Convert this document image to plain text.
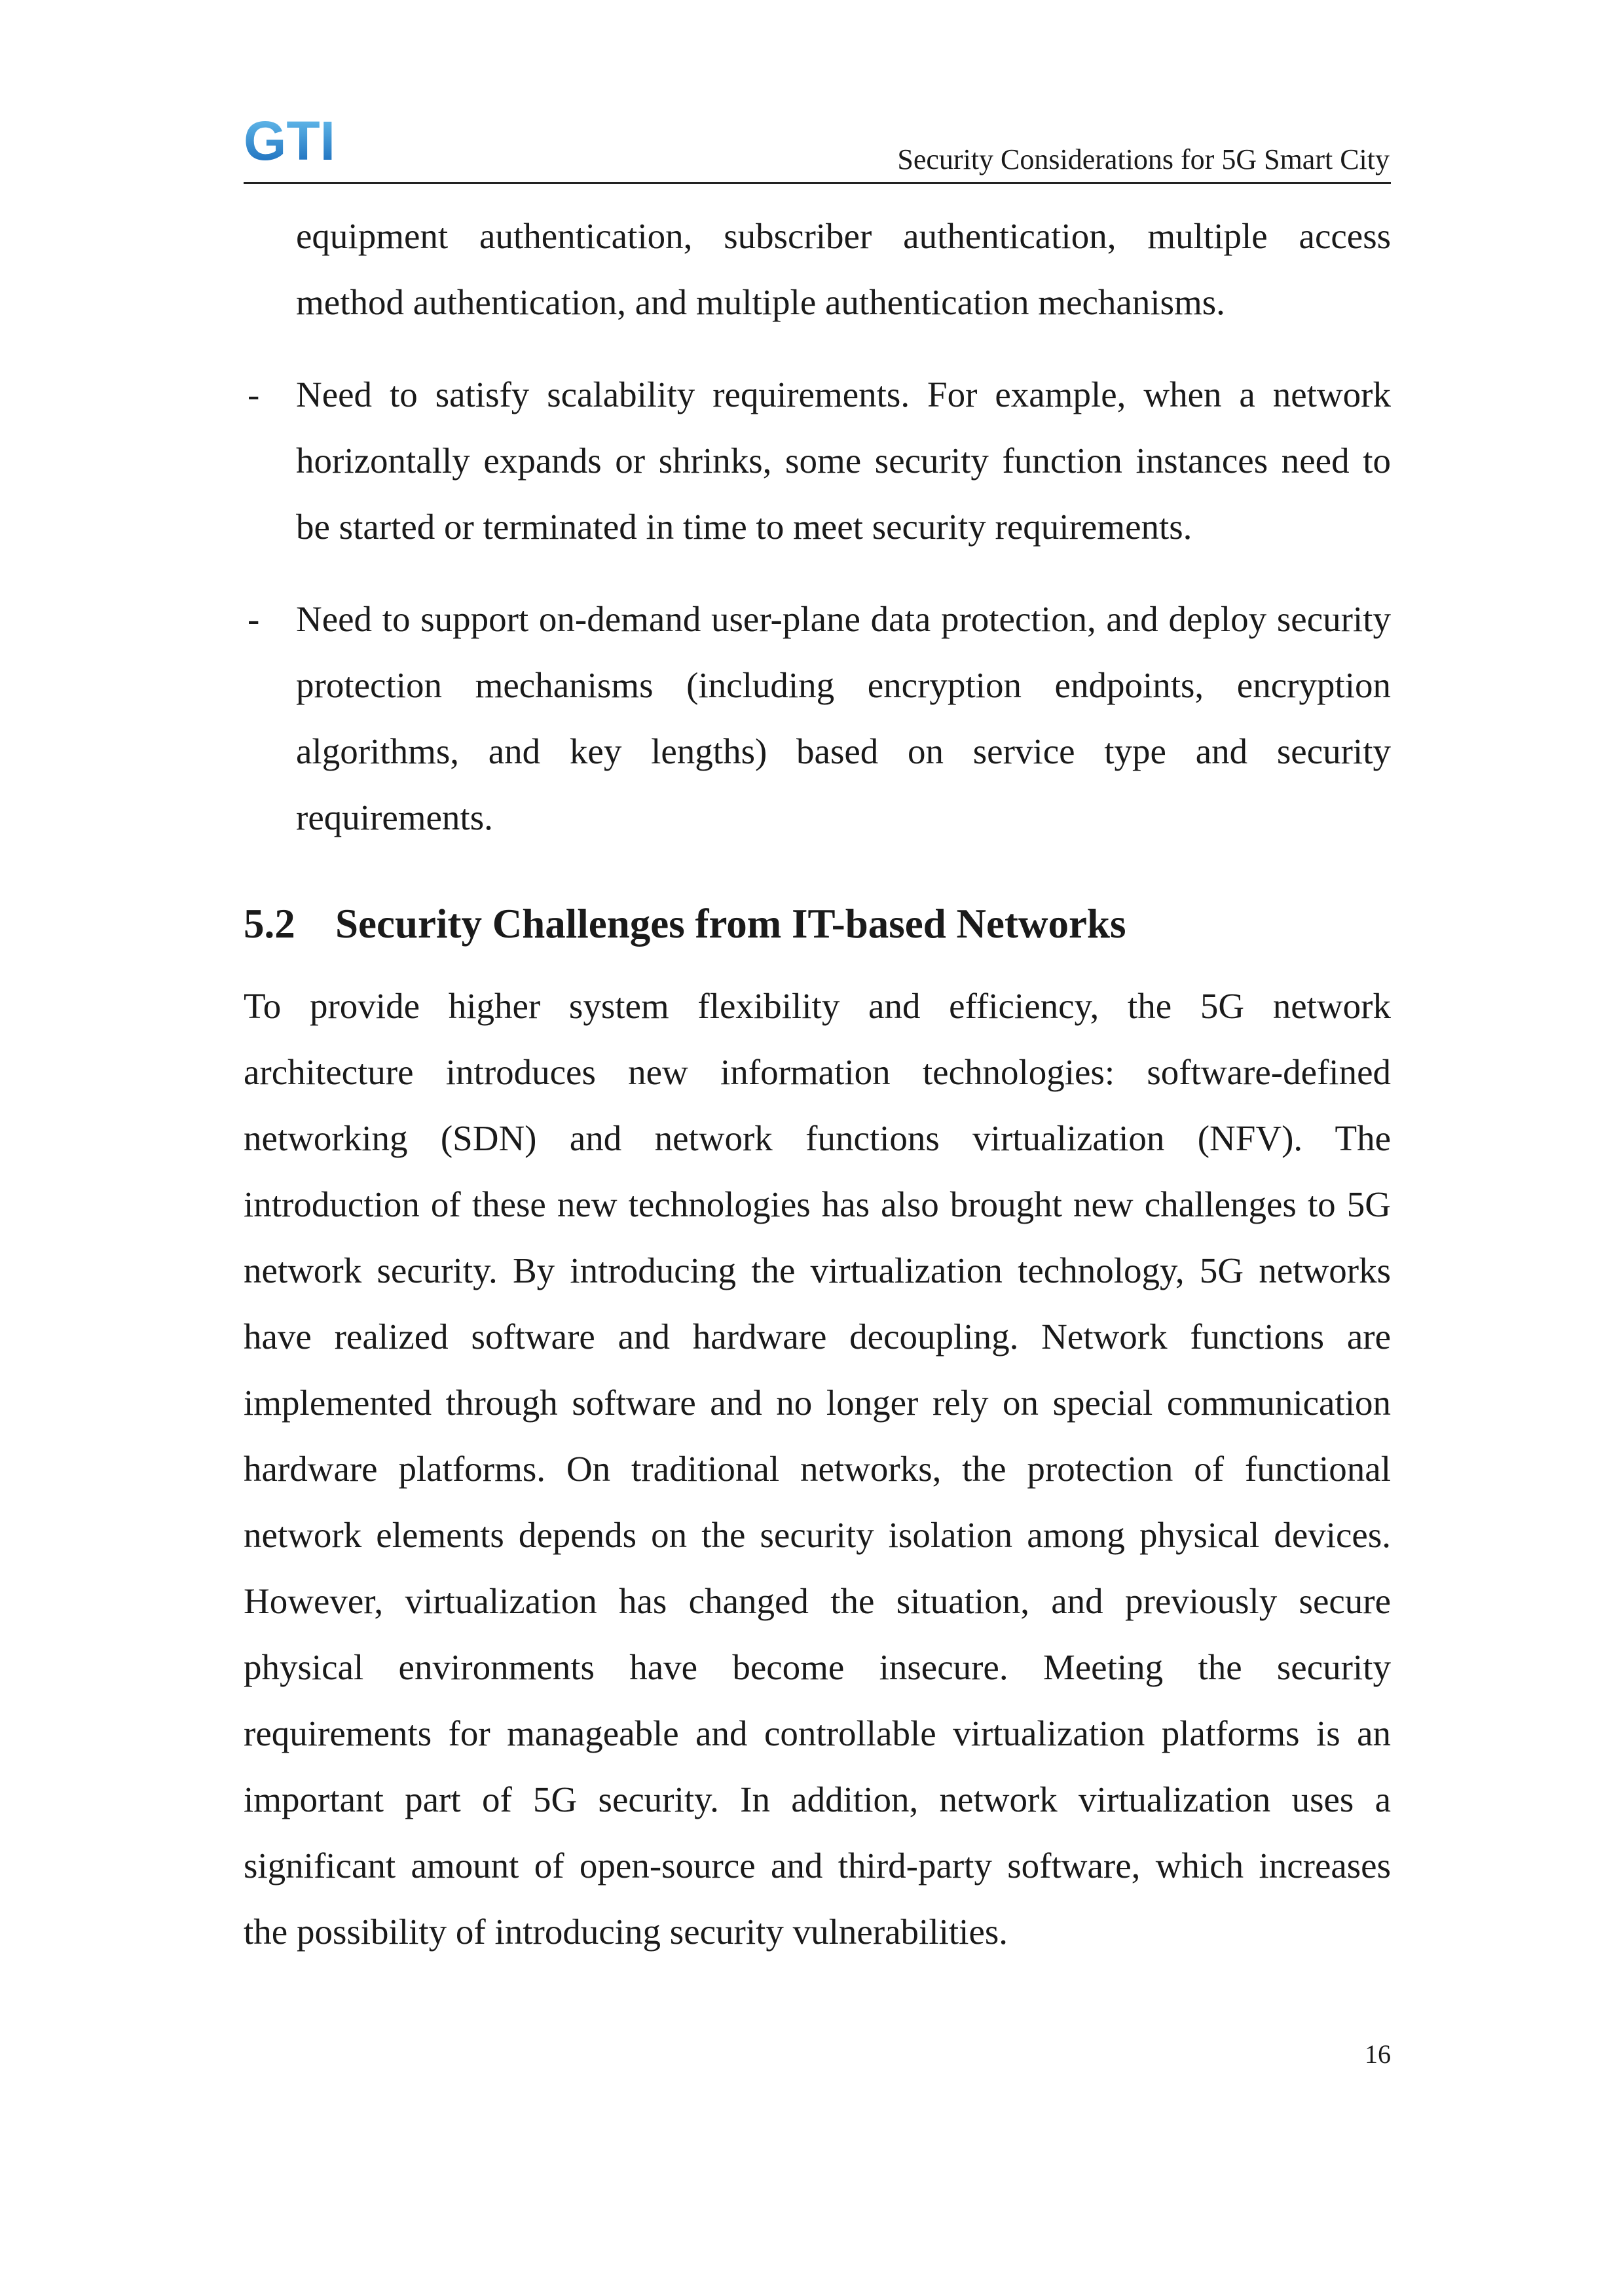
GTI	Security Considerations for 5G Smart City

equipment authentication, subscriber authentication, multiple access method authentication, and multiple authentication mechanisms.

- Need to satisfy scalability requirements. For example, when a network horizontally expands or shrinks, some security function instances need to be started or terminated in time to meet security requirements.

- Need to support on-demand user-plane data protection, and deploy security protection mechanisms (including encryption endpoints, encryption algorithms, and key lengths) based on service type and security requirements.

5.2 Security Challenges from IT-based Networks

To provide higher system flexibility and efficiency, the 5G network architecture introduces new information technologies: software-defined networking (SDN) and network functions virtualization (NFV). The introduction of these new technologies has also brought new challenges to 5G network security. By introducing the virtualization technology, 5G networks have realized software and hardware decoupling. Network functions are implemented through software and no longer rely on special communication hardware platforms. On traditional networks, the protection of functional network elements depends on the security isolation among physical devices. However, virtualization has changed the situation, and previously secure physical environments have become insecure. Meeting the security requirements for manageable and controllable virtualization platforms is an important part of 5G security. In addition, network virtualization uses a significant amount of open-source and third-party software, which increases the possibility of introducing security vulnerabilities.

16
